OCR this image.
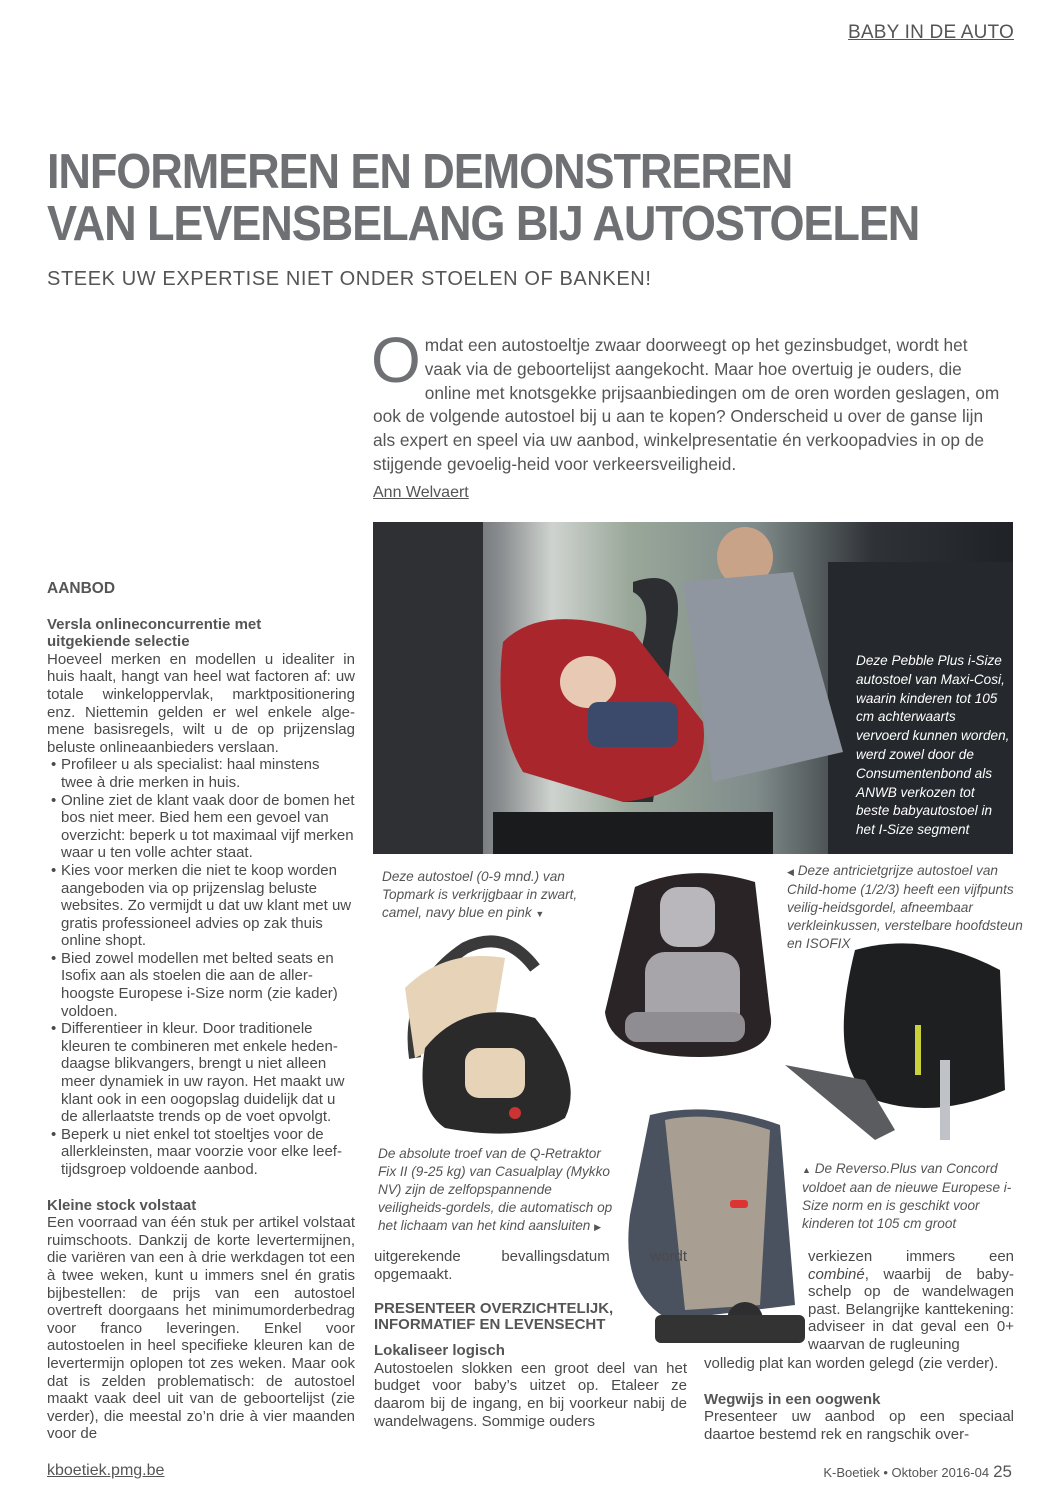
BABY IN DE AUTO
INFORMEREN EN DEMONSTREREN
VAN LEVENSBELANG BIJ AUTOSTOELEN
STEEK UW EXPERTISE NIET ONDER STOELEN OF BANKEN!
Omdat een autostoeltje zwaar doorweegt op het gezinsbudget, wordt het vaak via de geboortelijst aangekocht. Maar hoe overtuig je ouders, die online met knotsgekke prijsaanbiedingen om de oren worden geslagen, om ook de volgende autostoel bij u aan te kopen? Onderscheid u over de ganse lijn als expert en speel via uw aanbod, winkelpresentatie én verkoopadvies in op de stijgende gevoelig-heid voor verkeersveiligheid.
Ann Welvaert
Deze Pebble Plus i-Size autostoel van Maxi-Cosi, waarin kinderen tot 105 cm achterwaarts vervoerd kunnen worden, werd zowel door de Consumentenbond als ANWB verkozen tot beste babyautostoel in het I-Size segment
Deze autostoel (0-9 mnd.) van Topmark is verkrijgbaar in zwart, camel, navy blue en pink ▼
◀ Deze antricietgrijze autostoel van Child-home (1/2/3) heeft een vijfpunts veilig-heidsgordel, afneembaar verkleinkussen, verstelbare hoofdsteun en ISOFIX
De absolute troef van de Q-Retraktor Fix II (9-25 kg) van Casualplay (Mykko NV) zijn de zelfopspannende veiligheids-gordels, die automatisch op het lichaam van het kind aansluiten ▶
▲ De Reverso.Plus van Concord voldoet aan de nieuwe Europese i-Size norm en is geschikt voor kinderen tot 105 cm groot
AANBOD
Versla onlineconcurrentie met uitgekiende selectie

Hoeveel merken en modellen u idealiter in huis haalt, hangt van heel wat factoren af: uw totale winkeloppervlak, marktpositionering enz. Niettemin gelden er wel enkele alge-mene basisregels, wilt u de op prijzenslag beluste onlineaanbieders verslaan.

• Profileer u als specialist: haal minstens twee à drie merken in huis.
• Online ziet de klant vaak door de bomen het bos niet meer. Bied hem een gevoel van overzicht: beperk u tot maximaal vijf merken waar u ten volle achter staat.
• Kies voor merken die niet te koop worden aangeboden via op prijzenslag beluste websites. Zo vermijdt u dat uw klant met uw gratis professioneel advies op zak thuis online shopt.
• Bied zowel modellen met belted seats en Isofix aan als stoelen die aan de aller-hoogste Europese i-Size norm (zie kader) voldoen.
• Differentieer in kleur. Door traditionele kleuren te combineren met enkele heden-daagse blikvangers, brengt u niet alleen meer dynamiek in uw rayon. Het maakt uw klant ook in een oogopslag duidelijk dat u de allerlaatste trends op de voet opvolgt.
• Beperk u niet enkel tot stoeltjes voor de allerkleinsten, maar voorzie voor elke leef-tijdsgroep voldoende aanbod.
Kleine stock volstaat

Een voorraad van één stuk per artikel volstaat ruimschoots. Dankzij de korte levertermijnen, die variëren van een à drie werkdagen tot een à twee weken, kunt u immers snel én gratis bijbestellen: de prijs van een autostoel overtreft doorgaans het minimumorderbedrag voor franco leveringen. Enkel voor autostoelen in heel specifieke kleuren kan de levertermijn oplopen tot zes weken. Maar ook dat is zelden problematisch: de autostoel maakt vaak deel uit van de geboortelijst (zie verder), die meestal zo’n drie à vier maanden voor de

uitgerekende bevallingsdatum wordt opgemaakt.

PRESENTEER OVERZICHTELIJK, INFORMATIEF EN LEVENSECHT
Lokaliseer logisch

Autostoelen slokken een groot deel van het budget voor baby’s uitzet op. Etaleer ze daarom bij de ingang, en bij voorkeur nabij de wandelwagens. Sommige ouders

verkiezen immers een combiné, waarbij de baby- schelp op de wandelwagen past. Belangrijke kanttekening: adviseer in dat geval een 0+ waarvan de rugleuning

volledig plat kan worden gelegd (zie verder).

Wegwijs in een oogwenk

Presenteer uw aanbod op een speciaal daartoe bestemd rek en rangschik over-

kboetiek.pmg.be	K-Boetiek • Oktober 2016-04 25
